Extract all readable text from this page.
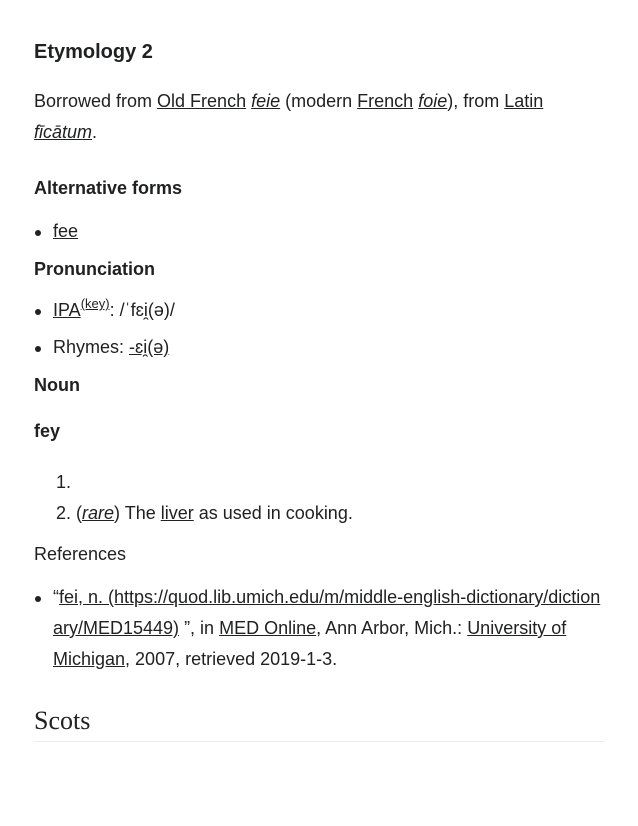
Etymology 2

Borrowed from Old French feie (modern French foie), from Latin fīcātum.

Alternative forms
fee
Pronunciation
IPA$^{(key)}$: /ˈfɛi̯(ə)/
Rhymes: -ɛi̯(ə)
Noun
fey
1.
2. (rare) The liver as used in cooking.
References
“fei, n. (https://quod.lib.umich.edu/m/middle-english-dictionary/dictionary/MED15449) ”, in MED Online, Ann Arbor, Mich.: University of Michigan, 2007, retrieved 2019-1-3.
Scots
